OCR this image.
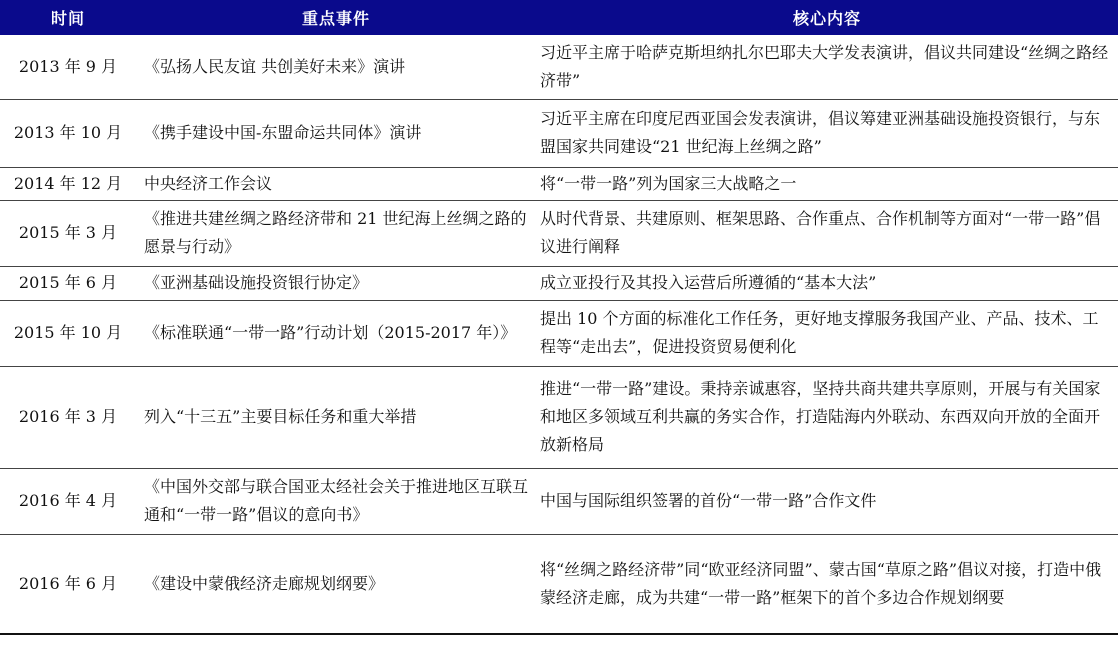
时间	重点事件	核心内容
2013 年 9 月	《弘扬人民友谊 共创美好未来》演讲	习近平主席于哈萨克斯坦纳扎尔巴耶夫大学发表演讲，倡议共同建设“丝绸之路经济带”
2013 年 10 月	《携手建设中国-东盟命运共同体》演讲	习近平主席在印度尼西亚国会发表演讲，倡议筹建亚洲基础设施投资银行，与东盟国家共同建设“21 世纪海上丝绸之路”
2014 年 12 月	中央经济工作会议	将“一带一路”列为国家三大战略之一
2015 年 3 月	《推进共建丝绸之路经济带和 21 世纪海上丝绸之路的愿景与行动》	从时代背景、共建原则、框架思路、合作重点、合作机制等方面对“一带一路”倡议进行阐释
2015 年 6 月	《亚洲基础设施投资银行协定》	成立亚投行及其投入运营后所遵循的“基本大法”
2015 年 10 月	《标准联通“一带一路”行动计划（2015-2017 年）》	提出 10 个方面的标准化工作任务，更好地支撑服务我国产业、产品、技术、工程等“走出去”，促进投资贸易便利化
2016 年 3 月	列入“十三五”主要目标任务和重大举措	推进“一带一路”建设。秉持亲诚惠容，坚持共商共建共享原则，开展与有关国家和地区多领域互利共赢的务实合作，打造陆海内外联动、东西双向开放的全面开放新格局
2016 年 4 月	《中国外交部与联合国亚太经社会关于推进地区互联互通和“一带一路”倡议的意向书》	中国与国际组织签署的首份“一带一路”合作文件
2016 年 6 月	《建设中蒙俄经济走廊规划纲要》	将“丝绸之路经济带”同“欧亚经济同盟”、蒙古国“草原之路”倡议对接，打造中俄蒙经济走廊，成为共建“一带一路”框架下的首个多边合作规划纲要
